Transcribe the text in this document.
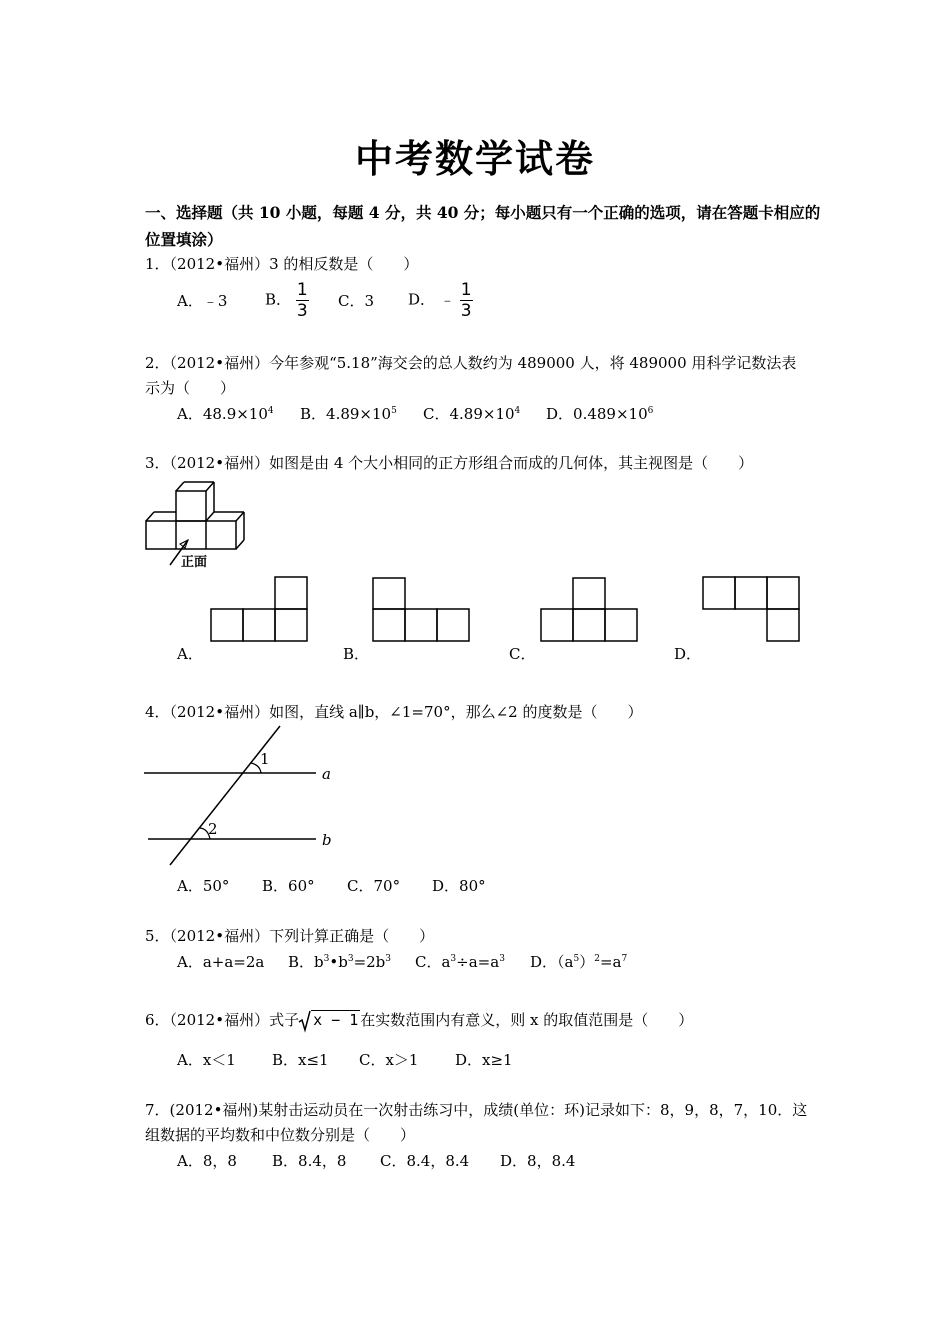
中考数学试卷
一、选择题（共 10 小题，每题 4 分，共 40 分；每小题只有一个正确的选项，请在答题卡相应的
位置填涂）
1．（2012•福州）3 的相反数是（　　）
A．﹣3	B． $\frac{1}{3}$ C．3 D． ﹣ $\frac{1}{3}$
2．（2012•福州）今年参观“5.18”海交会的总人数约为 489000 人，将 489000 用科学记数法表
示为（　　）
A．$48.9\times 10^4$ B．$4.89\times 10^5$ C．$4.89\times 10^4$ D．$0.489\times 10^6$
3．（2012•福州）如图是由 4 个大小相同的正方形组合而成的几何体，其主视图是（　　）
正面
A．	B．	C．	D．
4．（2012•福州）如图，直线 a∥b，∠1=70°，那么∠2 的度数是（　　）
1
2
a
b
A．50° B．60° C．70° D．80°
5．（2012•福州）下列计算正确是（　　）
A．a+a=2a B．$b^3•b^3=2b^3$ C．$a^3\div a=a^3$ D．$(a^5)^2=a^7$
6．（2012•福州）式子 x − 1 在实数范围内有意义，则 x 的取值范围是（　　）
A．x＜1 B．x≤1 C．x＞1 D．x≥1
7．(2012•福州)某射击运动员在一次射击练习中，成绩(单位：环)记录如下：8，9，8，7，10．这
组数据的平均数和中位数分别是（　　）
A．8，8 B．8.4，8 C．8.4，8.4 D．8，8.4
